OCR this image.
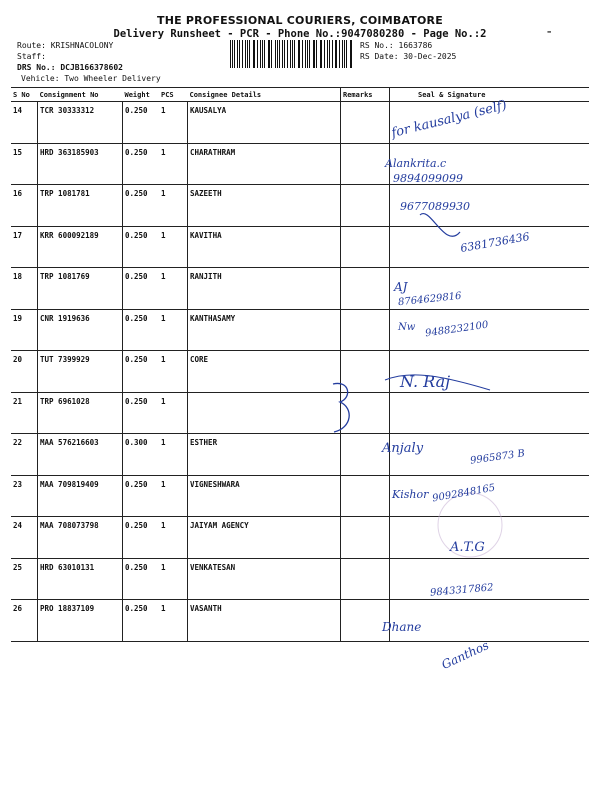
THE PROFESSIONAL COURIERS, COIMBATORE
Delivery Runsheet - PCR - Phone No.:9047080280 - Page No.:2	-
Route: KRISHNACOLONY
Staff:
DRS No.: DCJB166378602
Vehicle: Two Wheeler Delivery
RS No.: 1663786
RS Date: 30-Dec-2025
S No	Consignment No	Weight	PCS	Consignee Details	Remarks	Seal & Signature
14	TCR 30333312	0.250	1	KAUSALYA		
15	HRD 363185903	0.250	1	CHARATHRAM		
16	TRP 1081781	0.250	1	SAZEETH		
17	KRR 600092189	0.250	1	KAVITHA		
18	TRP 1081769	0.250	1	RANJITH		
19	CNR 1919636	0.250	1	KANTHASAMY		
20	TUT 7399929	0.250	1	CORE		
21	TRP 6961028	0.250	1			
22	MAA 576216603	0.300	1	ESTHER		
23	MAA 709819409	0.250	1	VIGNESHWARA		
24	MAA 708073798	0.250	1	JAIYAM AGENCY		
25	HRD 63010131	0.250	1	VENKATESAN		
26	PRO 18837109	0.250	1	VASANTH		
for kausalya (self)
Alankrita.c
9894099099
9677089930
6381736436
AJ
8764629816
Nw 9488232100
N. Raj
Anjaly	9965873 B
Kishor 9092848165
A.T.G
9843317862
Dhane
Ganthos
